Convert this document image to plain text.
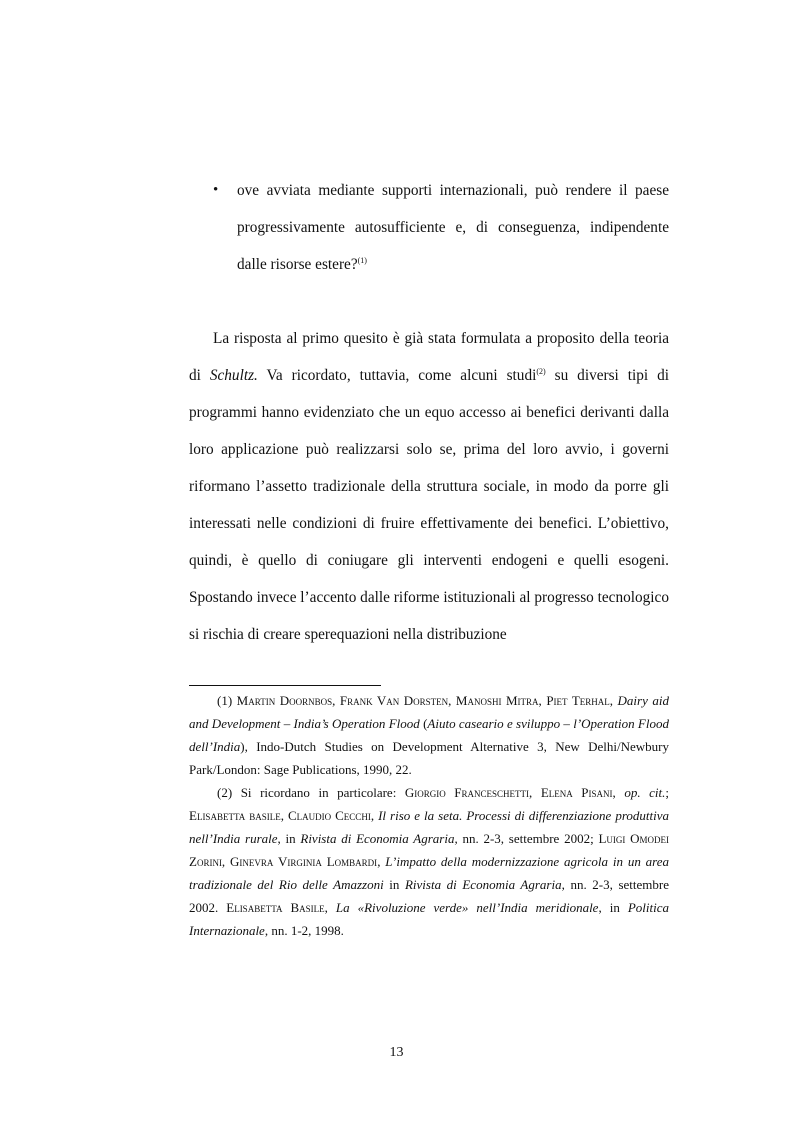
• ove avviata mediante supporti internazionali, può rendere il paese progressivamente autosufficiente e, di conseguenza, indipendente dalle risorse estere?$^{(1)}$
La risposta al primo quesito è già stata formulata a proposito della teoria di Schultz. Va ricordato, tuttavia, come alcuni studi$^{(2)}$ su diversi tipi di programmi hanno evidenziato che un equo accesso ai benefici derivanti dalla loro applicazione può realizzarsi solo se, prima del loro avvio, i governi riformano l’assetto tradizionale della struttura sociale, in modo da porre gli interessati nelle condizioni di fruire effettivamente dei benefici. L’obiettivo, quindi, è quello di coniugare gli interventi endogeni e quelli esogeni. Spostando invece l’accento dalle riforme istituzionali al progresso tecnologico si rischia di creare sperequazioni nella distribuzione

(1) Martin Doornbos, Frank Van Dorsten, Manoshi Mitra, Piet Terhal, Dairy aid and Development – India’s Operation Flood (Aiuto caseario e sviluppo – l’Operation Flood dell’India), Indo-Dutch Studies on Development Alternative 3, New Delhi/Newbury Park/London: Sage Publications, 1990, 22.

(2) Si ricordano in particolare: Giorgio Franceschetti, Elena Pisani, op. cit.; Elisabetta basile, Claudio Cecchi, Il riso e la seta. Processi di differenziazione produttiva nell’India rurale, in Rivista di Economia Agraria, nn. 2-3, settembre 2002; Luigi Omodei Zorini, Ginevra Virginia Lombardi, L’impatto della modernizzazione agricola in un area tradizionale del Rio delle Amazzoni in Rivista di Economia Agraria, nn. 2-3, settembre 2002. Elisabetta Basile, La «Rivoluzione verde» nell’India meridionale, in Politica Internazionale, nn. 1-2, 1998.

13
